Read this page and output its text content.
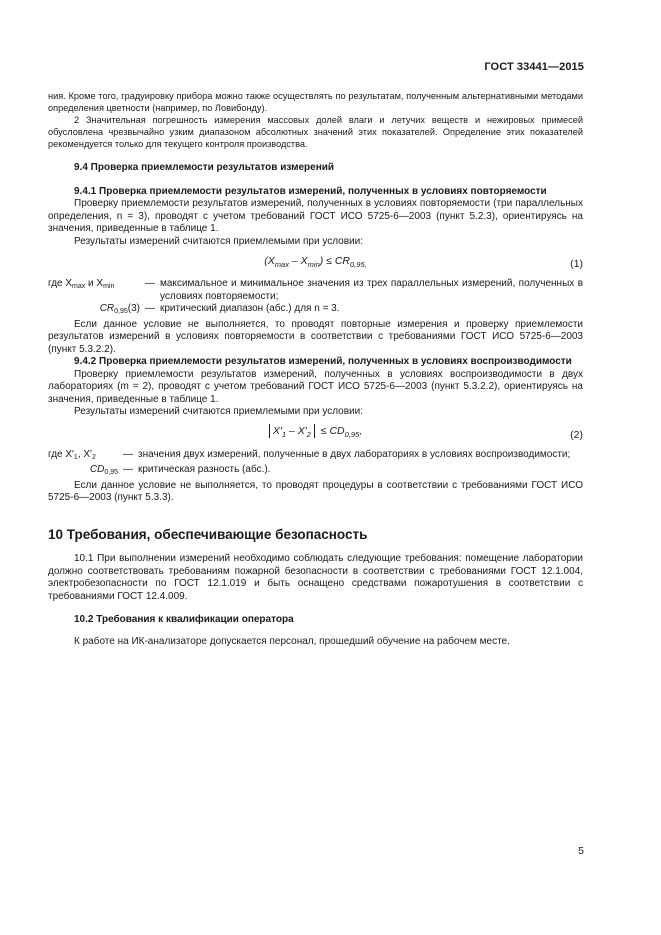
ГОСТ 33441—2015

ния. Кроме того, градуировку прибора можно также осуществлять по результатам, полученным альтернативными методами определения цветности (например, по Ловибонду).

2 Значительная погрешность измерения массовых долей влаги и летучих веществ и нежировых примесей обусловлена чрезвычайно узким диапазоном абсолютных значений этих показателей. Определение этих показателей рекомендуется только для текущего контроля производства.

9.4 Проверка приемлемости результатов измерений

9.4.1 Проверка приемлемости результатов измерений, полученных в условиях повторяемости

Проверку приемлемости результатов измерений, полученных в условиях повторяемости (три параллельных определения, n = 3), проводят с учетом требований ГОСТ ИСО 5725-6—2003 (пункт 5.2.3), ориентируясь на значения, приведенные в таблице 1.

Результаты измерений считаются приемлемыми при условии:

$(X_{max} - X_{min}) \le CR_{0,95,}$	(1)
где $X_{max}$ и $X_{min}$	— максимальное и минимальное значения из трех параллельных измерений, полученных в условиях повторяемости;
$CR_{0,95}(3)$ — критический диапазон (абс.) для n = 3.

Если данное условие не выполняется, то проводят повторные измерения и проверку приемлемости результатов измерений в условиях повторяемости в соответствии с требованиями ГОСТ ИСО 5725-6—2003 (пункт 5.3.2.2).

9.4.2 Проверка приемлемости результатов измерений, полученных в условиях воспроизводимости

Проверку приемлемости результатов измерений, полученных в условиях воспроизводимости в двух лабораториях (m = 2), проводят с учетом требований ГОСТ ИСО 5725-6—2003 (пункт 5.3.2.2), ориентируясь на значения, приведенные в таблице 1.

Результаты измерений считаются приемлемыми при условии:

$X'_1 - X'_2 \le CD_{0,95}$,	(2)
где $X'_1$, $X'_2$	— значения двух измерений, полученные в двух лабораториях в условиях воспроизводимости;
$CD_{0,95}$ — критическая разность (абс.).

Если данное условие не выполняется, то проводят процедуры в соответствии с требованиями ГОСТ ИСО 5725-6—2003 (пункт 5.3.3).

10 Требования, обеспечивающие безопасность

10.1 При выполнении измерений необходимо соблюдать следующие требования: помещение лаборатории должно соответствовать требованиям пожарной безопасности в соответствии с требованиями ГОСТ 12.1.004, электробезопасности по ГОСТ 12.1.019 и быть оснащено средствами пожаротушения в соответствии с требованиями ГОСТ 12.4.009.

10.2 Требования к квалификации оператора

К работе на ИК-анализаторе допускается персонал, прошедший обучение на рабочем месте.

5
